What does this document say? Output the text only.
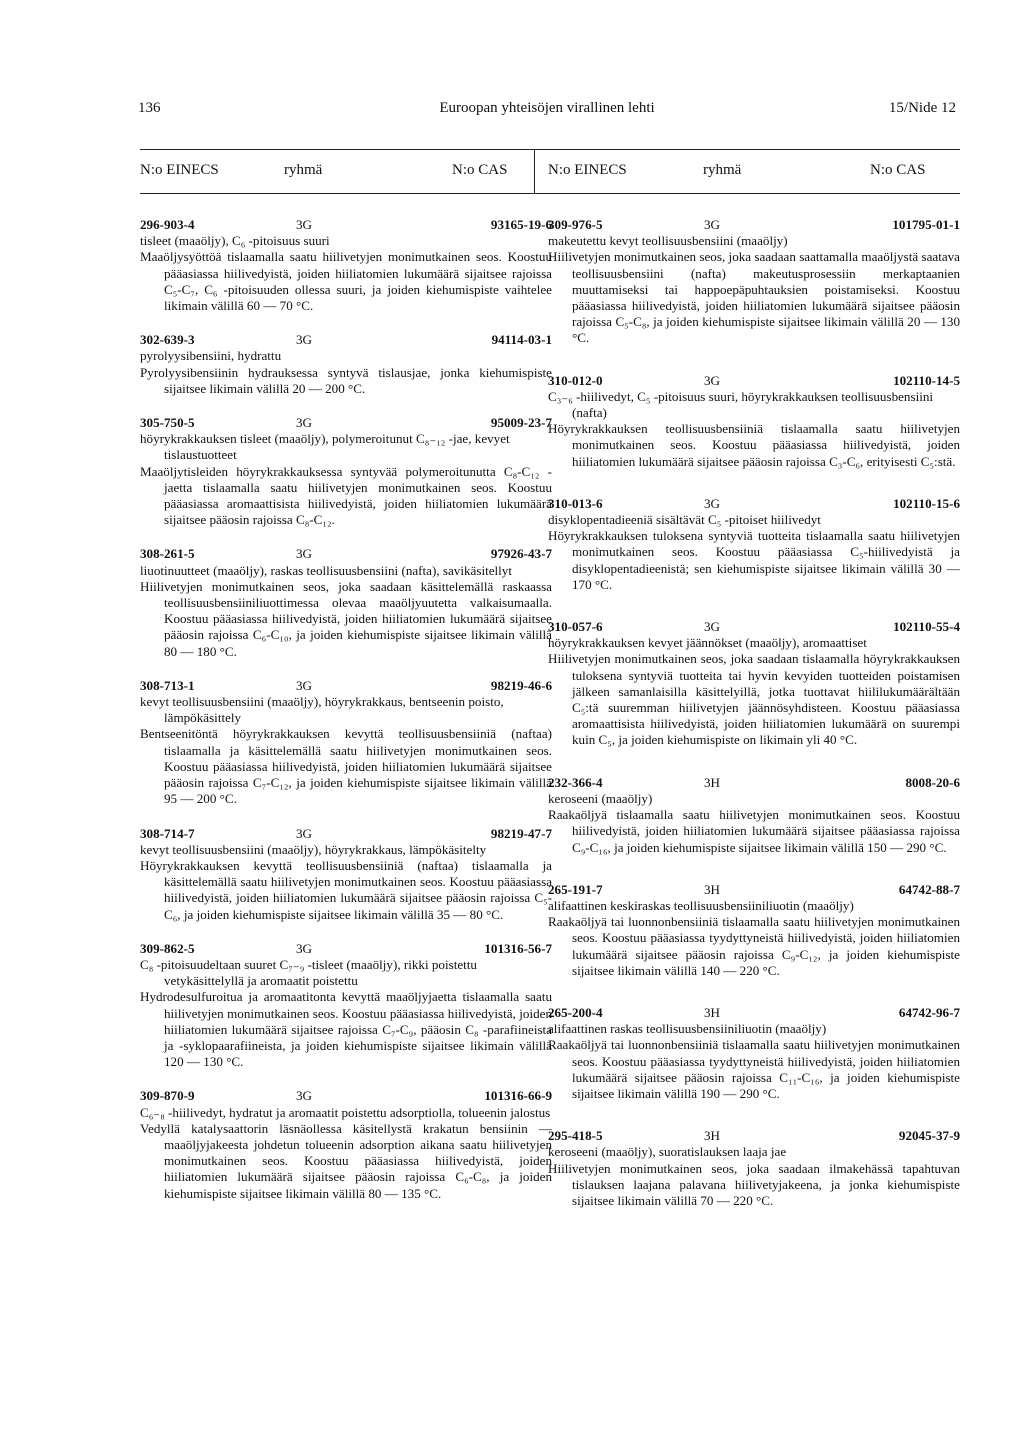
136	Euroopan yhteisöjen virallinen lehti	15/Nide 12
N:o EINECS	ryhmä	N:o CAS	N:o EINECS	ryhmä	N:o CAS
296-903-4	3G	93165-19-6
tisleet (maaöljy), C₆ -pitoisuus suuri
Maaöljysyöttöä tislaamalla saatu hiilivetyjen monimutkainen seos. Koostuu pääasiassa hiilivedyistä, joiden hiiliatomien lukumäärä sijaitsee rajoissa C₅-C₇, C₆ -pitoisuuden ollessa suuri, ja joiden kiehumispiste vaihtelee likimain välillä 60 — 70 °C.
302-639-3	3G	94114-03-1
pyrolyysibensiini, hydrattu
Pyrolyysibensiinin hydrauksessa syntyvä tislausjae, jonka kiehumispiste sijaitsee likimain välillä 20 — 200 °C.
305-750-5	3G	95009-23-7
höyrykrakkauksen tisleet (maaöljy), polymeroitunut C₈₋₁₂ -jae, kevyet tislaustuotteet
Maaöljytisleiden höyrykrakkauksessa syntyvää polymeroitunutta C₈-C₁₂ -jaetta tislaamalla saatu hiilivetyjen monimutkainen seos. Koostuu pääasiassa aromaattisista hiilivedyistä, joiden hiiliatomien lukumäärä sijaitsee pääosin rajoissa C₈-C₁₂.
308-261-5	3G	97926-43-7
liuotinuutteet (maaöljy), raskas teollisuusbensiini (nafta), savikäsitellyt
Hiilivetyjen monimutkainen seos, joka saadaan käsittelemällä raskaassa teollisuusbensiiniliuottimessa olevaa maaöljyuutetta valkaisumaalla. Koostuu pääasiassa hiilivedyistä, joiden hiiliatomien lukumäärä sijaitsee pääosin rajoissa C₆-C₁₀, ja joiden kiehumispiste sijaitsee likimain välillä 80 — 180 °C.
308-713-1	3G	98219-46-6
kevyt teollisuusbensiini (maaöljy), höyrykrakkaus, bentseenin poisto, lämpökäsittely
Bentseenitöntä höyrykrakkauksen kevyttä teollisuusbensiiniä (naftaa) tislaamalla ja käsittelemällä saatu hiilivetyjen monimutkainen seos. Koostuu pääasiassa hiilivedyistä, joiden hiiliatomien lukumäärä sijaitsee pääosin rajoissa C₇-C₁₂, ja joiden kiehumispiste sijaitsee likimain välillä 95 — 200 °C.
308-714-7	3G	98219-47-7
kevyt teollisuusbensiini (maaöljy), höyrykrakkaus, lämpökäsitelty
Höyrykrakkauksen kevyttä teollisuusbensiiniä (naftaa) tislaamalla ja käsittelemällä saatu hiilivetyjen monimutkainen seos. Koostuu pääasiassa hiilivedyistä, joiden hiiliatomien lukumäärä sijaitsee pääosin rajoissa C₅-C₆, ja joiden kiehumispiste sijaitsee likimain välillä 35 — 80 °C.
309-862-5	3G	101316-56-7
C₈ -pitoisuudeltaan suuret C₇₋₉ -tisleet (maaöljy), rikki poistettu vetykäsittelyllä ja aromaatit poistettu
Hydrodesulfuroitua ja aromaatitonta kevyttä maaöljyjaetta tislaamalla saatu hiilivetyjen monimutkainen seos. Koostuu pääasiassa hiilivedyistä, joiden hiiliatomien lukumäärä sijaitsee rajoissa C₇-C₉, pääosin C₈ -parafiineista ja -syklopaarafiineista, ja joiden kiehumispiste sijaitsee likimain välillä 120 — 130 °C.
309-870-9	3G	101316-66-9
C₆₋₈ -hiilivedyt, hydratut ja aromaatit poistettu adsorptiolla, tolueenin jalostus
Vedyllä katalysaattorin läsnäollessa käsitellystä krakatun bensiinin — maaöljyjakeesta johdetun tolueenin adsorption aikana saatu hiilivetyjen monimutkainen seos. Koostuu pääasiassa hiilivedyistä, joiden hiiliatomien lukumäärä sijaitsee pääosin rajoissa C₆-C₈, ja joiden kiehumispiste sijaitsee likimain välillä 80 — 135 °C.
309-976-5	3G	101795-01-1
makeutettu kevyt teollisuusbensiini (maaöljy)
Hiilivetyjen monimutkainen seos, joka saadaan saattamalla maaöljystä saatava teollisuusbensiini (nafta) makeutusprosessiin merkaptaanien muuttamiseksi tai happoepäpuhtauksien poistamiseksi. Koostuu pääasiassa hiilivedyistä, joiden hiiliatomien lukumäärä sijaitsee pääosin rajoissa C₅-C₈, ja joiden kiehumispiste sijaitsee likimain välillä 20 — 130 °C.
310-012-0	3G	102110-14-5
C₃₋₆ -hiilivedyt, C₅ -pitoisuus suuri, höyrykrakkauksen teollisuusbensiini (nafta)
Höyrykrakkauksen teollisuusbensiiniä tislaamalla saatu hiilivetyjen monimutkainen seos. Koostuu pääasiassa hiilivedyistä, joiden hiiliatomien lukumäärä sijaitsee pääosin rajoissa C₃-C₆, erityisesti C₅:stä.
310-013-6	3G	102110-15-6
disyklopentadieeniä sisältävät C₅ -pitoiset hiilivedyt
Höyrykrakkauksen tuloksena syntyviä tuotteita tislaamalla saatu hiilivetyjen monimutkainen seos. Koostuu pääasiassa C₅-hiilivedyistä ja disyklopentadieenistä; sen kiehumispiste sijaitsee likimain välillä 30 — 170 °C.
310-057-6	3G	102110-55-4
höyrykrakkauksen kevyet jäännökset (maaöljy), aromaattiset
Hiilivetyjen monimutkainen seos, joka saadaan tislaamalla höyrykrakkauksen tuloksena syntyviä tuotteita tai hyvin kevyiden tuotteiden poistamisen jälkeen samanlaisilla käsittelyillä, jotka tuottavat hiililukumäärältään C₅:tä suuremman hiilivetyjen jäännösyhdisteen. Koostuu pääasiassa aromaattisista hiilivedyistä, joiden hiiliatomien lukumäärä on suurempi kuin C₅, ja joiden kiehumispiste on likimain yli 40 °C.
232-366-4	3H	8008-20-6
keroseeni (maaöljy)
Raakaöljyä tislaamalla saatu hiilivetyjen monimutkainen seos. Koostuu hiilivedyistä, joiden hiiliatomien lukumäärä sijaitsee pääasiassa rajoissa C₉-C₁₆, ja joiden kiehumispiste sijaitsee likimain välillä 150 — 290 °C.
265-191-7	3H	64742-88-7
alifaattinen keskiraskas teollisuusbensiiniliuotin (maaöljy)
Raakaöljyä tai luonnonbensiiniä tislaamalla saatu hiilivetyjen monimutkainen seos. Koostuu pääasiassa tyydyttyneistä hiilivedyistä, joiden hiiliatomien lukumäärä sijaitsee pääosin rajoissa C₉-C₁₂, ja joiden kiehumispiste sijaitsee likimain välillä 140 — 220 °C.
265-200-4	3H	64742-96-7
alifaattinen raskas teollisuusbensiiniliuotin (maaöljy)
Raakaöljyä tai luonnonbensiiniä tislaamalla saatu hiilivetyjen monimutkainen seos. Koostuu pääasiassa tyydyttyneistä hiilivedyistä, joiden hiiliatomien lukumäärä sijaitsee pääosin rajoissa C₁₁-C₁₆, ja joiden kiehumispiste sijaitsee likimain välillä 190 — 290 °C.
295-418-5	3H	92045-37-9
keroseeni (maaöljy), suoratislauksen laaja jae
Hiilivetyjen monimutkainen seos, joka saadaan ilmakehässä tapahtuvan tislauksen laajana palavana hiilivetyjakeena, ja jonka kiehumispiste sijaitsee likimain välillä 70 — 220 °C.
